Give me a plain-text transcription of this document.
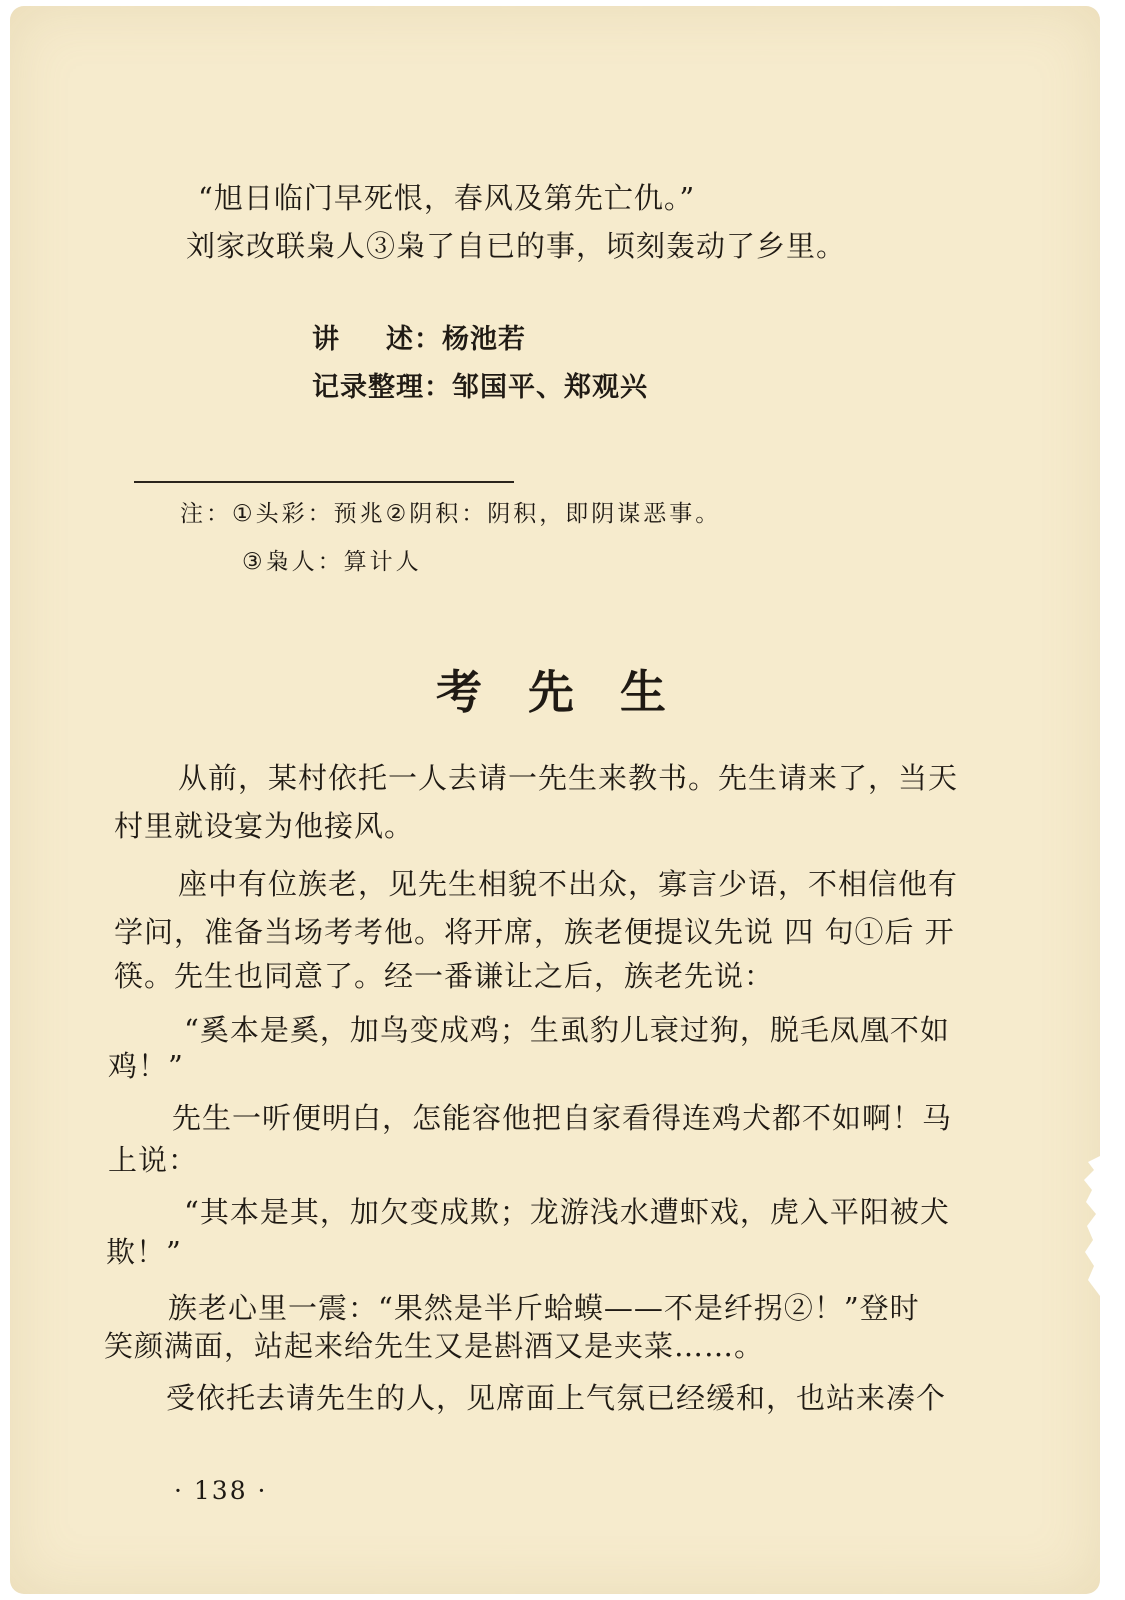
“旭日临门早死恨，春风及第先亡仇。”
刘家改联枭人③枭了自已的事，顷刻轰动了乡里。
讲 述：杨池若
记录整理：邹国平、郑观兴
注：①头彩：预兆②阴积：阴积，即阴谋恶事。
③枭人：算计人
考先生
从前，某村依托一人去请一先生来教书。先生请来了，当天
村里就设宴为他接风。
座中有位族老，见先生相貌不出众，寡言少语，不相信他有
学问，准备当场考考他。将开席，族老便提议先说 四 句①后 开
筷。先生也同意了。经一番谦让之后，族老先说：
“奚本是奚，加鸟变成鸡；生虱豹儿衰过狗，脱毛凤凰不如
鸡！”
先生一听便明白，怎能容他把自家看得连鸡犬都不如啊！马
上说：
“其本是其，加欠变成欺；龙游浅水遭虾戏，虎入平阳被犬
欺！”
族老心里一震：“果然是半斤蛤蟆——不是纤拐②！”登时
笑颜满面，站起来给先生又是斟酒又是夹菜……。
受依托去请先生的人，见席面上气氛已经缓和，也站来凑个
· 138 ·
